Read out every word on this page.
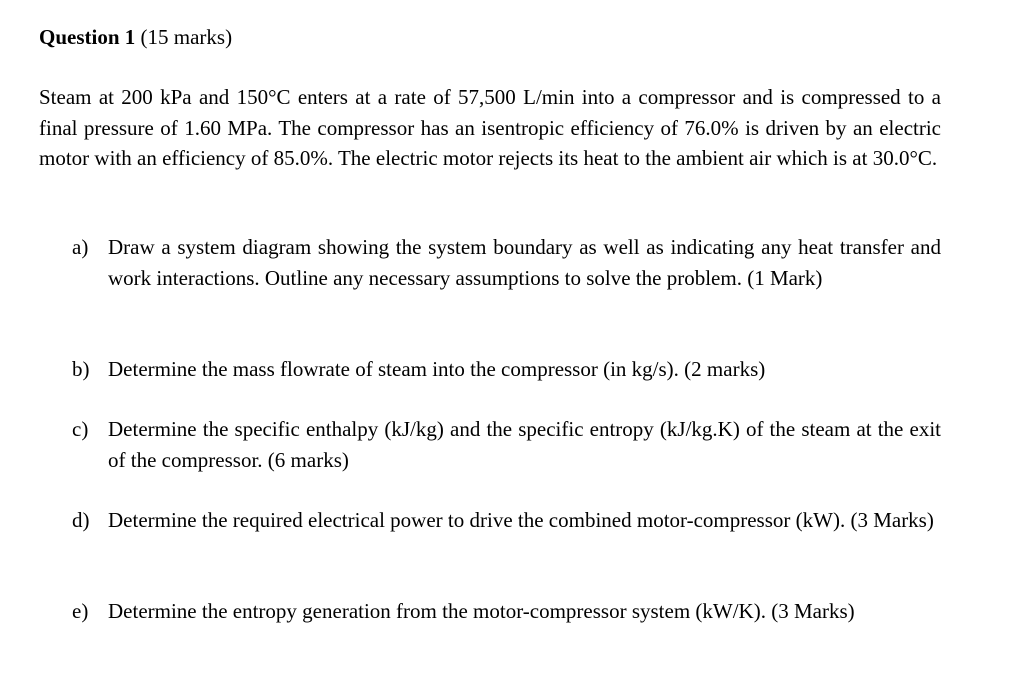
Question 1 (15 marks)

Steam at 200 kPa and 150°C enters at a rate of 57,500 L/min into a compressor and is compressed to a final pressure of 1.60 MPa. The compressor has an isentropic efficiency of 76.0% is driven by an electric motor with an efficiency of 85.0%. The electric motor rejects its heat to the ambient air which is at 30.0°C.

a) Draw a system diagram showing the system boundary as well as indicating any heat transfer and work interactions. Outline any necessary assumptions to solve the problem. (1 Mark)
b) Determine the mass flowrate of steam into the compressor (in kg/s). (2 marks)
c) Determine the specific enthalpy (kJ/kg) and the specific entropy (kJ/kg.K) of the steam at the exit of the compressor. (6 marks)
d) Determine the required electrical power to drive the combined motor-compressor (kW). (3 Marks)
e) Determine the entropy generation from the motor-compressor system (kW/K). (3 Marks)
